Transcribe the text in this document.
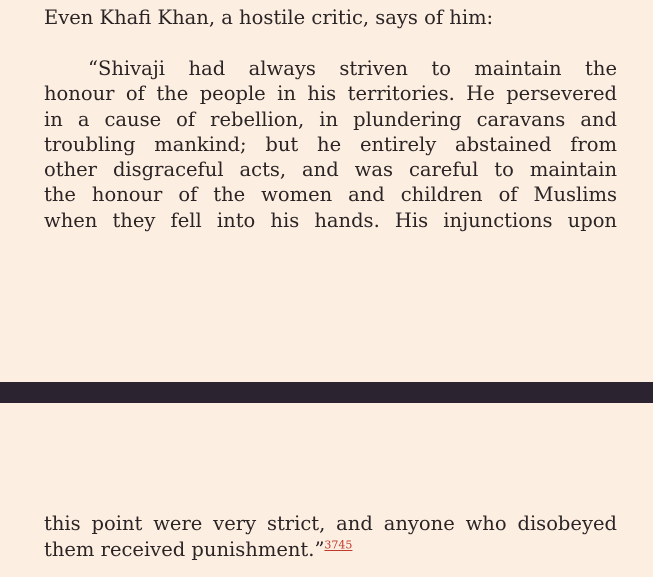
Even Khafi Khan, a hostile critic, says of him:

“Shivaji had always striven to maintain the
honour of the people in his territories. He persevered
in a cause of rebellion, in plundering caravans and
troubling mankind; but he entirely abstained from
other disgraceful acts, and was careful to maintain
the honour of the women and children of Muslims
when they fell into his hands. His injunctions upon

this point were very strict, and anyone who disobeyed
them received punishment.”$^{3745}$
